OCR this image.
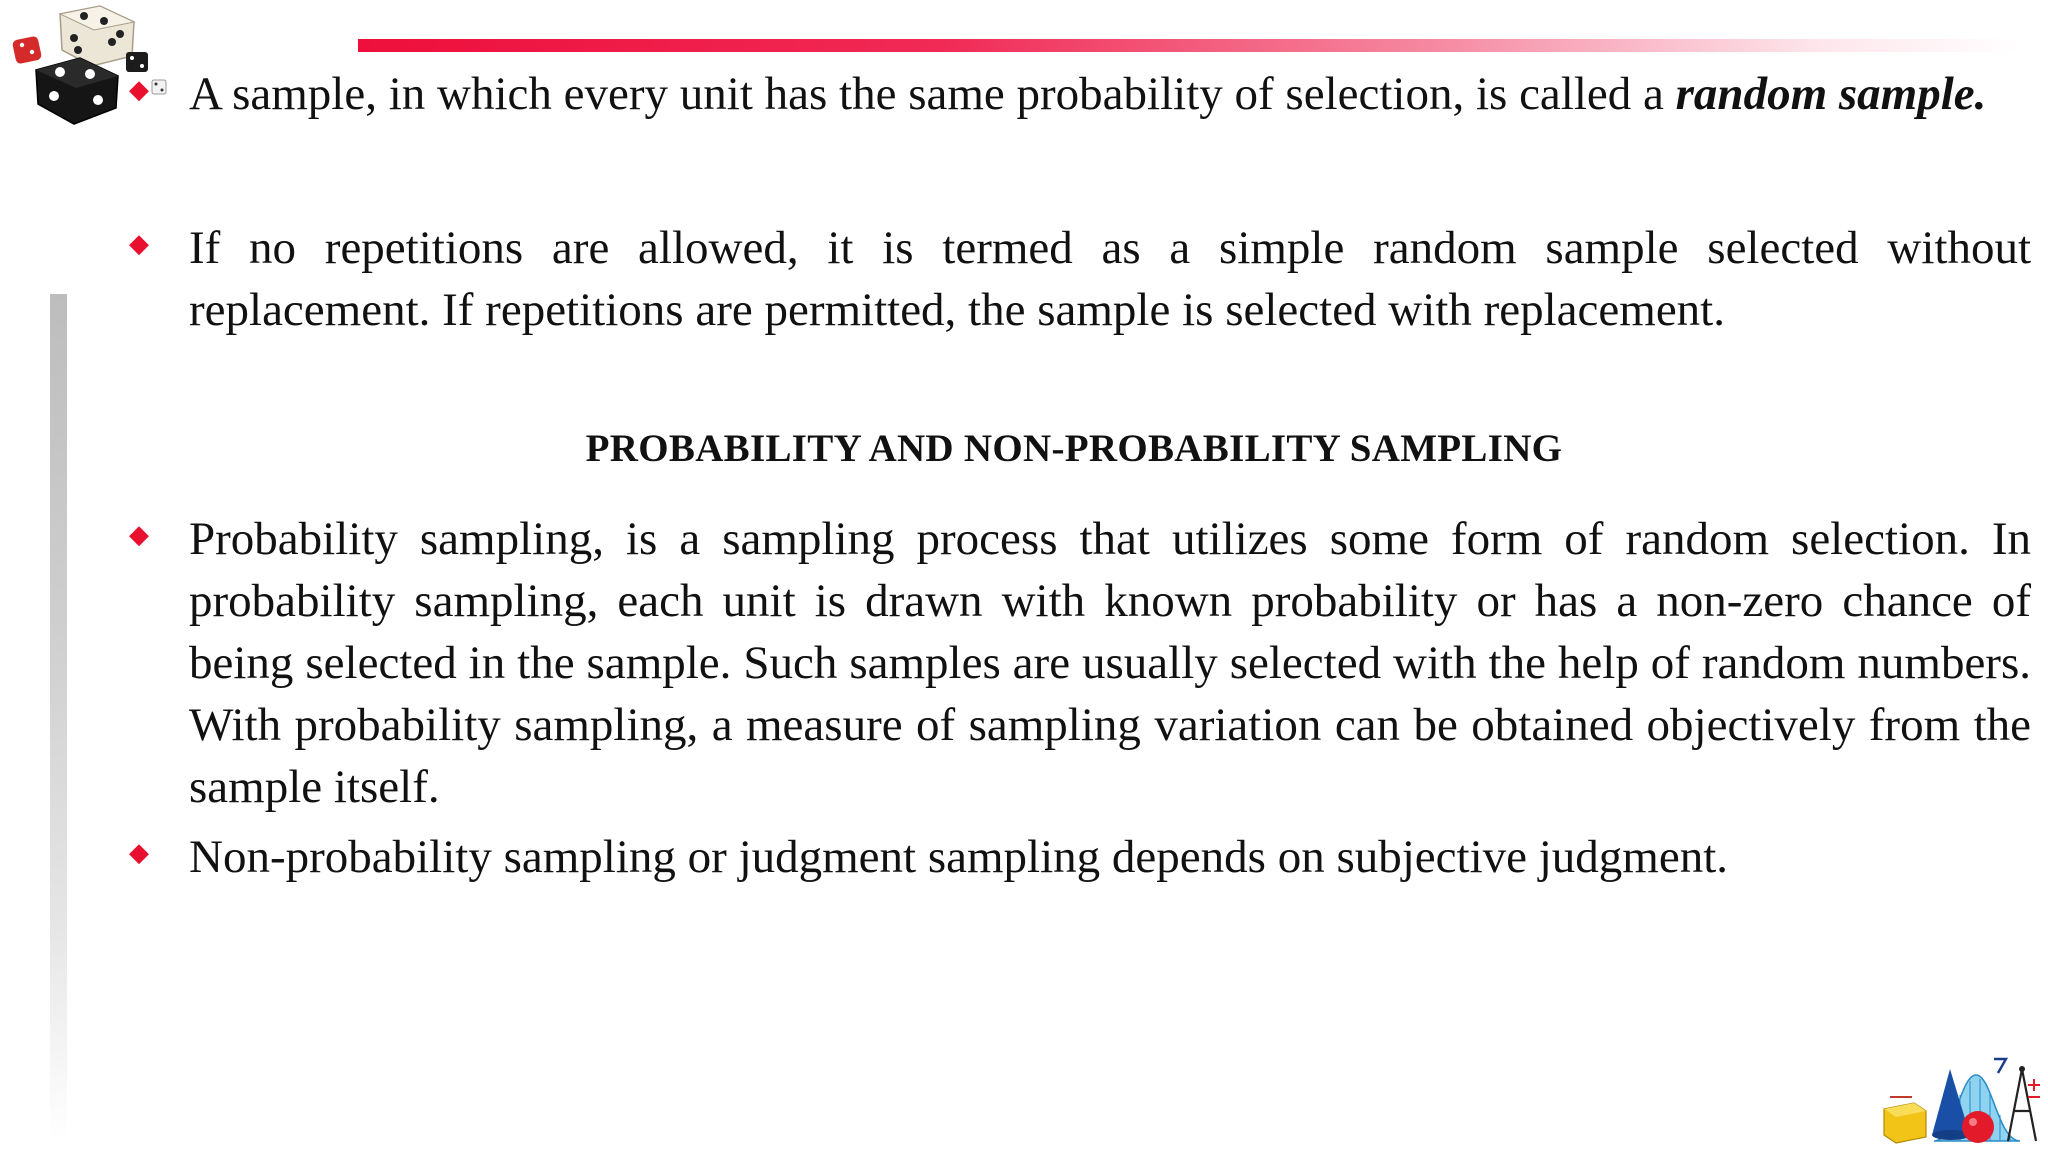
◆ A sample, in which every unit has the same probability of selection, is called a random sample.
◆ If no repetitions are allowed, it is termed as a simple random sample selected without replacement. If repetitions are permitted, the sample is selected with replacement.
PROBABILITY AND NON-PROBABILITY SAMPLING
◆ Probability sampling, is a sampling process that utilizes some form of random selection. In probability sampling, each unit is drawn with known probability or has a non-zero chance of being selected in the sample. Such samples are usually selected with the help of random numbers. With probability sampling, a measure of sampling variation can be obtained objectively from the sample itself.
◆ Non-probability sampling or judgment sampling depends on subjective judgment.
